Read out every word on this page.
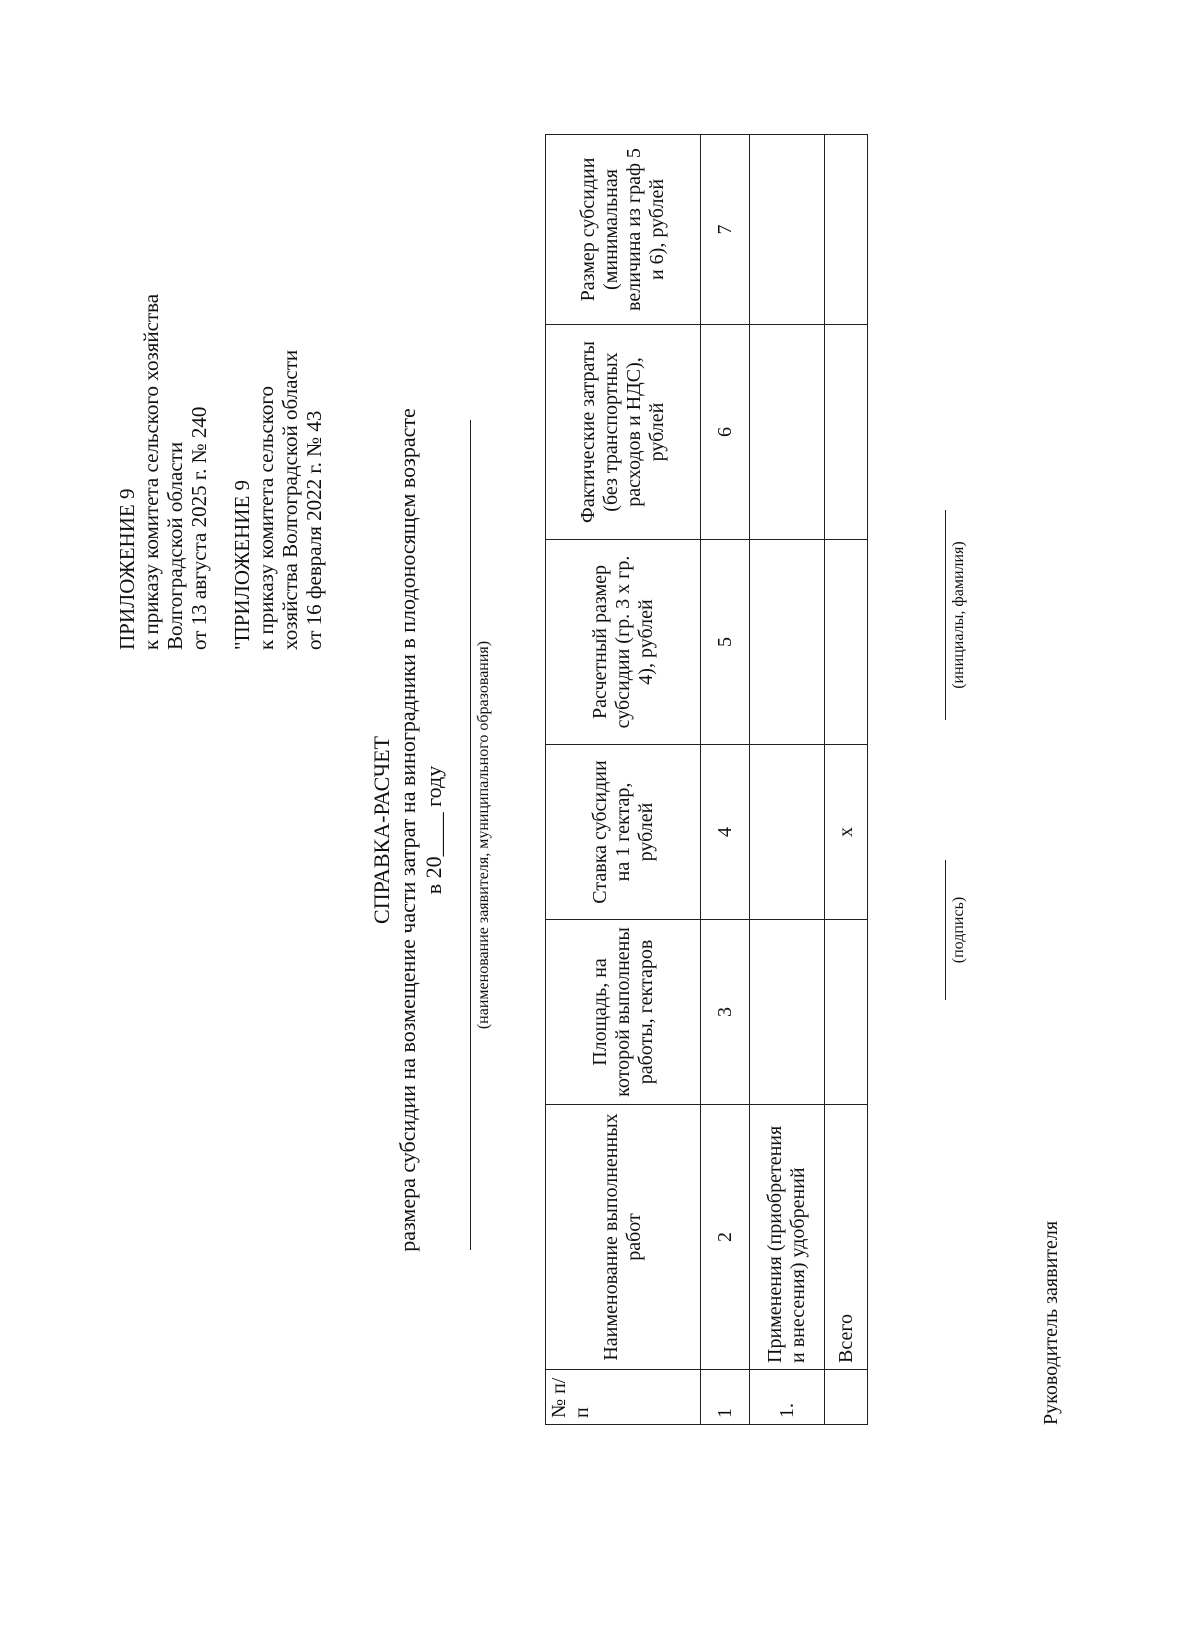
ПРИЛОЖЕНИЕ 9 к приказу комитета сельского хозяйства Волгоградской области от 13 августа 2025 г. № 240 "ПРИЛОЖЕНИЕ 9 к приказу комитета сельского хозяйства Волгоградской области от 16 февраля 2022 г. № 43
СПРАВКА-РАСЧЕТ размера субсидии на возмещение части затрат на виноградники в плодоносящем возрасте в 20____ году (наименование заявителя, муниципального образования)
№ п/п	Наименование выполненных работ	Площадь, на которой выполнены работы, гектаров	Ставка субсидии на 1 гектар, рублей	Расчетный размер субсидии (гр. 3 x гр. 4), рублей	Фактические затраты (без транспортных расходов и НДС), рублей	Размер субсидии (минимальная величина из граф 5 и 6), рублей
1	2	3	4	5	6	7
1.	Применения (приобретения и внесения) удобрений					
	Всего		x			
Руководитель заявителя
(подпись)
(инициалы, фамилия)
